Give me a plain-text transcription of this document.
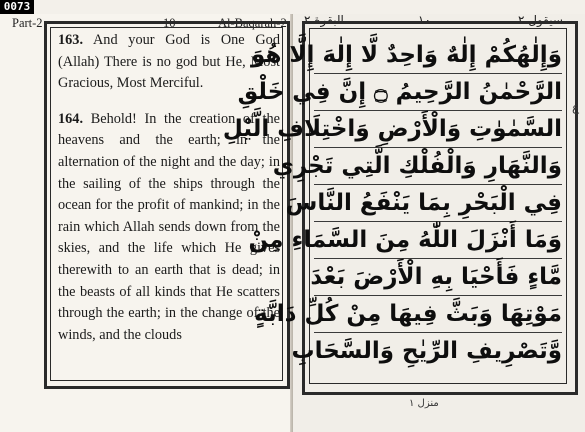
0073
Part-2	10	Al-Baqarah-2

163. And your God is One God (Allah) There is no god but He, Most Gracious, Most Merciful.

164. Behold! In the creation of the heavens and the earth; in the alternation of the night and the day; in the sailing of the ships through the ocean for the profit of mankind; in the rain which Allah sends down from the skies, and the life which He gives therewith to an earth that is dead; in the beasts of all kinds that He scatters through the earth; in the change of the winds, and the clouds

البقرة ٢	١٠	سيقول ٢
وَإِلٰهُكُمْ إِلٰهٌ وَاحِدٌ لَّا إِلٰهَ إِلَّا هُوَ
الرَّحْمٰنُ الرَّحِيمُ ۝ إِنَّ فِي خَلْقِ
السَّمٰوٰتِ وَالْأَرْضِ وَاخْتِلَافِ الَّيْلِ
وَالنَّهَارِ وَالْفُلْكِ الَّتِي تَجْرِي
فِي الْبَحْرِ بِمَا يَنْفَعُ النَّاسَ
وَمَا أَنْزَلَ اللّٰهُ مِنَ السَّمَاءِ مِنْ
مَّاءٍ فَأَحْيَا بِهِ الْأَرْضَ بَعْدَ
مَوْتِهَا وَبَثَّ فِيهَا مِنْ كُلِّ دَابَّةٍ
وَّتَصْرِيفِ الرِّيٰحِ وَالسَّحَابِ
ع
منزل ١
